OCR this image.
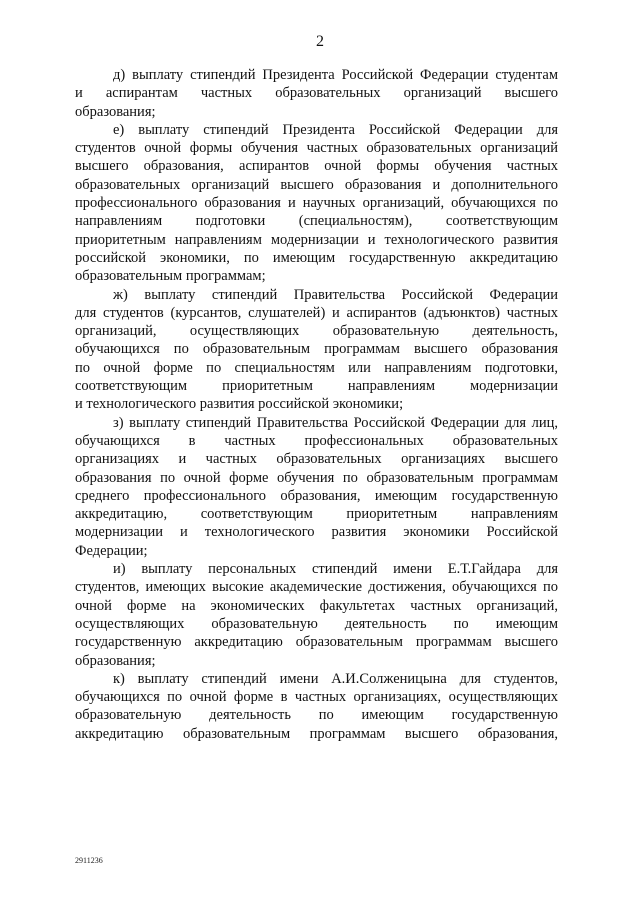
2
д) выплату стипендий Президента Российской Федерации студентам
и аспирантам частных образовательных организаций высшего
образования;
е) выплату стипендий Президента Российской Федерации для
студентов очной формы обучения частных образовательных организаций
высшего образования, аспирантов очной формы обучения частных
образовательных организаций высшего образования и дополнительного
профессионального образования и научных организаций, обучающихся по
направлениям подготовки (специальностям), соответствующим
приоритетным направлениям модернизации и технологического развития
российской экономики, по имеющим государственную аккредитацию
образовательным программам;
ж) выплату стипендий Правительства Российской Федерации
для студентов (курсантов, слушателей) и аспирантов (адъюнктов) частных
организаций, осуществляющих образовательную деятельность,
обучающихся по образовательным программам высшего образования
по очной форме по специальностям или направлениям подготовки,
соответствующим приоритетным направлениям модернизации
и технологического развития российской экономики;
з) выплату стипендий Правительства Российской Федерации для лиц,
обучающихся в частных профессиональных образовательных
организациях и частных образовательных организациях высшего
образования по очной форме обучения по образовательным программам
среднего профессионального образования, имеющим государственную
аккредитацию, соответствующим приоритетным направлениям
модернизации и технологического развития экономики Российской
Федерации;
и) выплату персональных стипендий имени Е.Т.Гайдара для
студентов, имеющих высокие академические достижения, обучающихся по
очной форме на экономических факультетах частных организаций,
осуществляющих образовательную деятельность по имеющим
государственную аккредитацию образовательным программам высшего
образования;
к) выплату стипендий имени А.И.Солженицына для студентов,
обучающихся по очной форме в частных организациях, осуществляющих
образовательную деятельность по имеющим государственную
аккредитацию образовательным программам высшего образования,
2911236
